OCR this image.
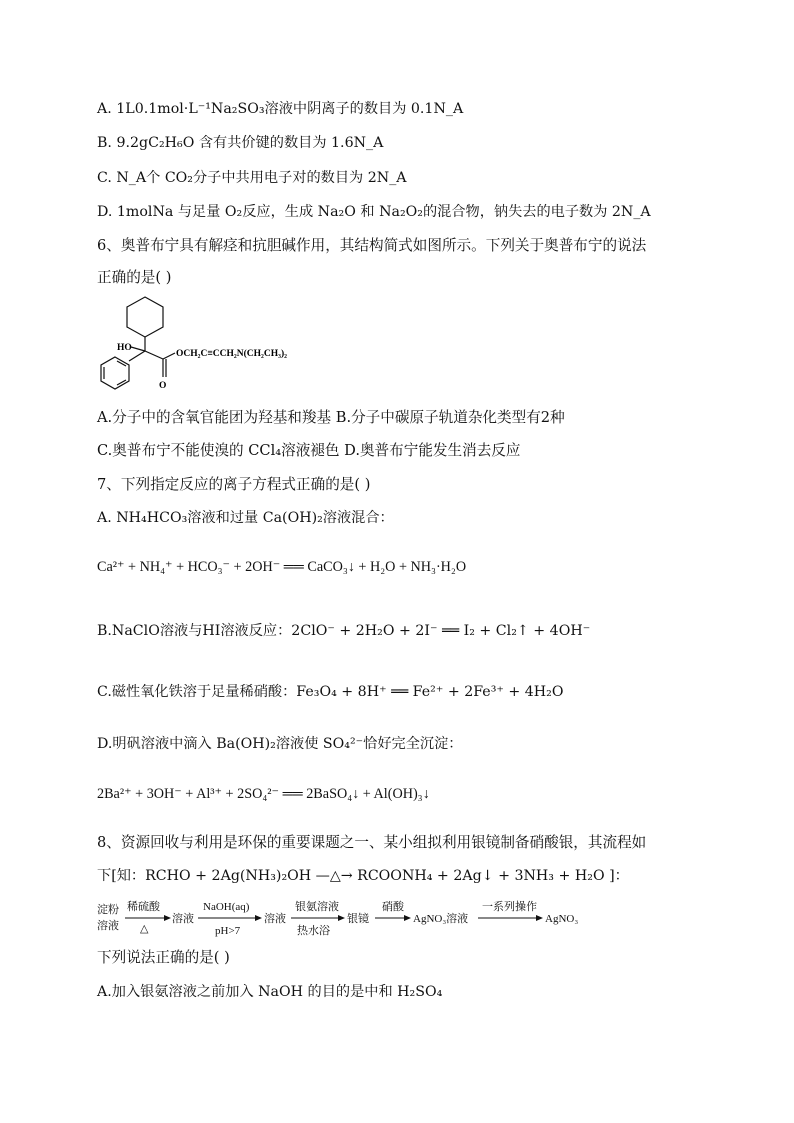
A. 1L0.1mol·L⁻¹Na₂SO₃溶液中阴离子的数目为 0.1N_A
B. 9.2gC₂H₆O 含有共价键的数目为 1.6N_A
C. N_A个 CO₂分子中共用电子对的数目为 2N_A
D. 1molNa 与足量 O₂反应，生成 Na₂O 和 Na₂O₂的混合物，钠失去的电子数为 2N_A
6、奥普布宁具有解痉和抗胆碱作用，其结构简式如图所示。下列关于奥普布宁的说法
正确的是( )
HO
OCH₂C≡CCH₂N(CH₂CH₃)₂
O
A.分子中的含氧官能团为羟基和羧基 B.分子中碳原子轨道杂化类型有2种
C.奥普布宁不能使溴的 CCl₄溶液褪色 D.奥普布宁能发生消去反应
7、下列指定反应的离子方程式正确的是( )
A. NH₄HCO₃溶液和过量 Ca(OH)₂溶液混合：
Ca²⁺ + NH₄⁺ + HCO₃⁻ + 2OH⁻ ══ CaCO₃↓ + H₂O + NH₃·H₂O
B.NaClO溶液与HI溶液反应：2ClO⁻ + 2H₂O + 2I⁻ ══ I₂ + Cl₂↑ + 4OH⁻
C.磁性氧化铁溶于足量稀硝酸：Fe₃O₄ + 8H⁺ ══ Fe²⁺ + 2Fe³⁺ + 4H₂O
D.明矾溶液中滴入 Ba(OH)₂溶液使 SO₄²⁻恰好完全沉淀：
2Ba²⁺ + 3OH⁻ + Al³⁺ + 2SO₄²⁻ ══ 2BaSO₄↓ + Al(OH)₃↓
8、资源回收与利用是环保的重要课题之一、某小组拟利用银镜制备硝酸银，其流程如
下[知：RCHO + 2Ag(NH₃)₂OH —△→ RCOONH₄ + 2Ag↓ + 3NH₃ + H₂O ]：
淀粉
溶液
稀硫酸
△
溶液
NaOH(aq)
pH>7
溶液
银氨溶液
热水浴
银镜
硝酸
AgNO₃溶液
一系列操作
AgNO₃
下列说法正确的是( )
A.加入银氨溶液之前加入 NaOH 的目的是中和 H₂SO₄
